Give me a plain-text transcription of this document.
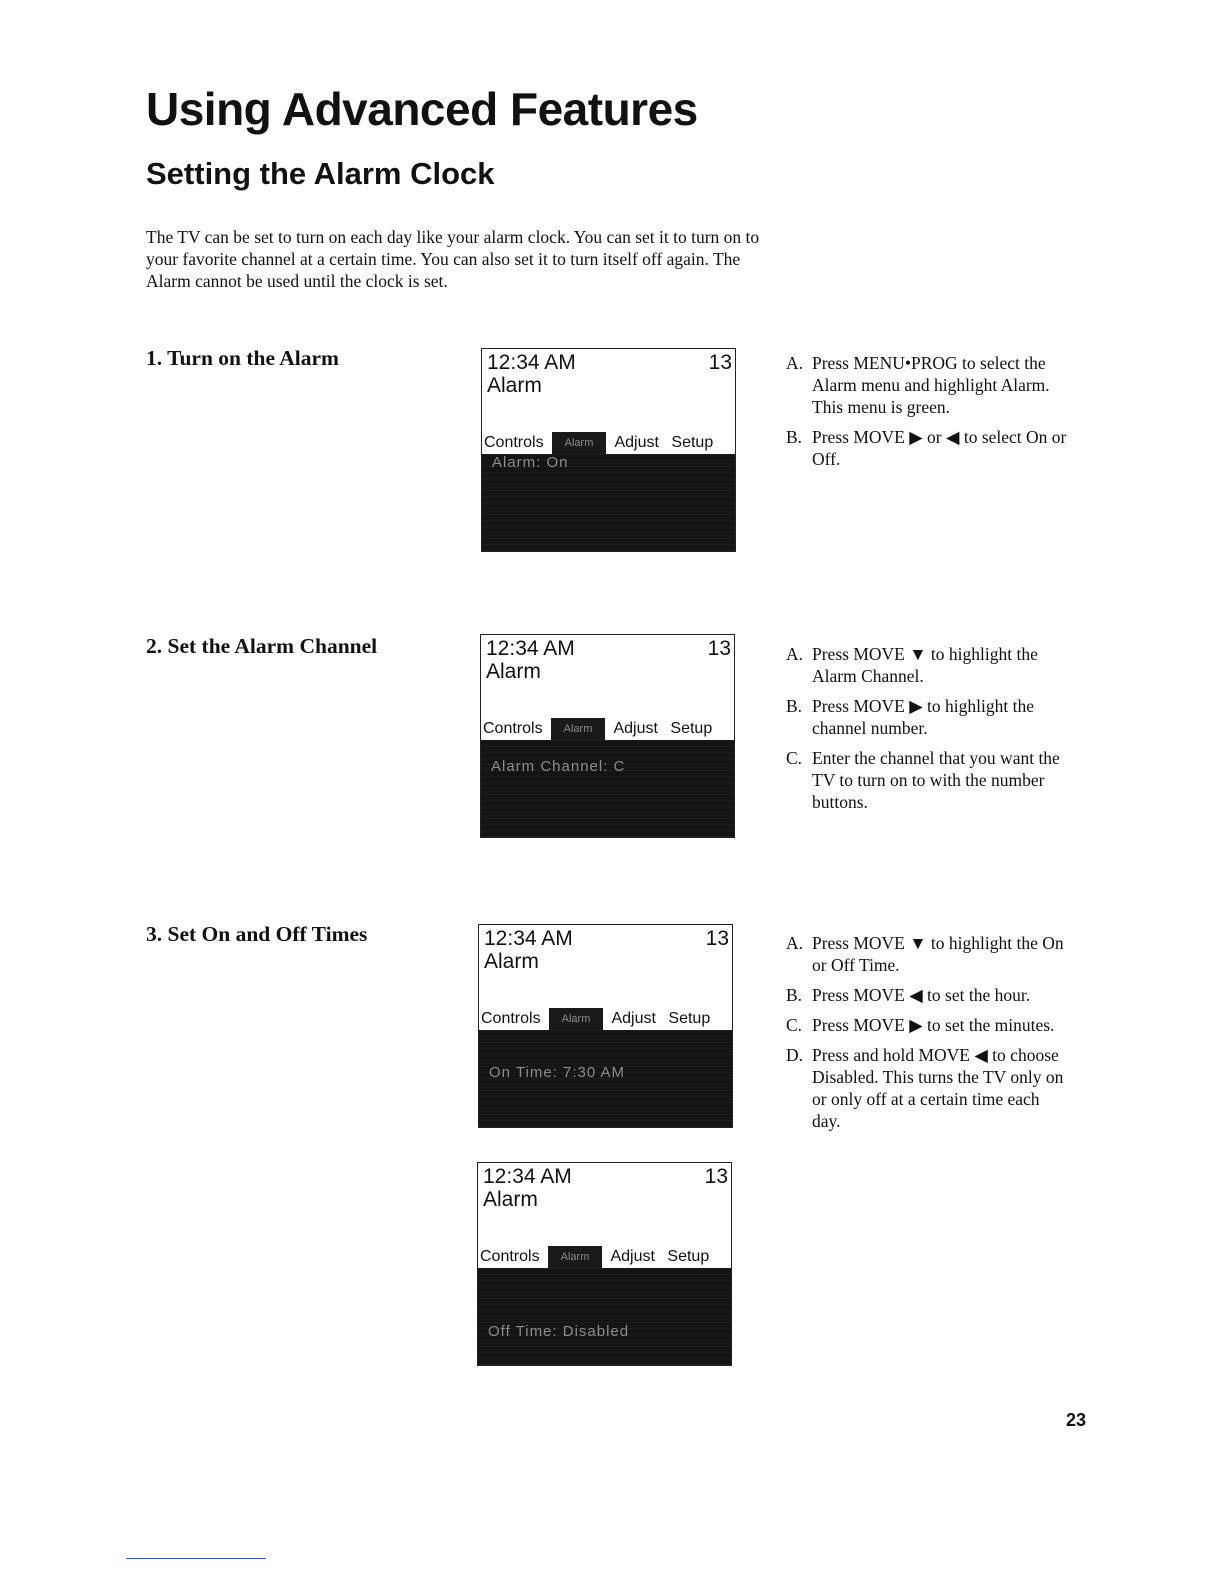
Using Advanced Features
Setting the Alarm Clock

The TV can be set to turn on each day like your alarm clock. You can set it to turn on to your favorite channel at a certain time. You can also set it to turn itself off again. The Alarm cannot be used until the clock is set.

1. Turn on the Alarm	12:34 AM	13
Alarm
Controls Alarm Adjust Setup
Alarm: On
A. Press MENU•PROG to select the Alarm menu and highlight Alarm. This menu is green.
B. Press MOVE ▶ or ◀ to select On or Off.
2. Set the Alarm Channel	12:34 AM	13
Alarm
Controls Alarm Adjust Setup
Alarm Channel: C
A. Press MOVE ▼ to highlight the Alarm Channel.
B. Press MOVE ▶ to highlight the channel number.
C. Enter the channel that you want the TV to turn on to with the number buttons.
3. Set On and Off Times	12:34 AM	13
Alarm
Controls Alarm Adjust Setup
On Time: 7:30 AM
12:34 AM	13
Alarm
Controls Alarm Adjust Setup
Off Time: Disabled
A. Press MOVE ▼ to highlight the On or Off Time.
B. Press MOVE ◀ to set the hour.
C. Press MOVE ▶ to set the minutes.
D. Press and hold MOVE ◀ to choose Disabled. This turns the TV only on or only off at a certain time each day.
23
